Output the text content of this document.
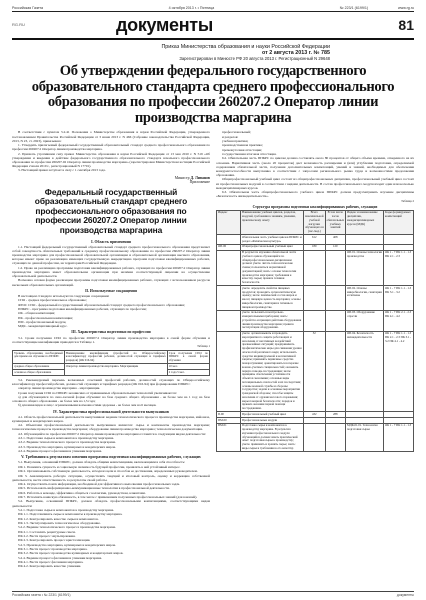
Российская Газета	4 октября 2013 г. • Пятница	№ 223/1 (6199/1)	www.rg.ru
RG.RU	документы	81
Приказ Министерства образования и науки Российской Федерации
от 2 августа 2013 г. № 785
Зарегистрирован в Минюсте РФ 20 августа 2013 г. Регистрационный N 29648
Об утверждении федерального государственного образовательного стандарта среднего профессионального образования по профессии 260207.2 Оператор линии производства маргарина

В соответствии с пунктом 5.2.41 Положения о Министерстве образования и науки Российской Федерации, утвержденного постановлением Правительства Российской Федерации от 3 июня 2013 г. N 466 (Собрание законодательства Российской Федерации, 2013, N 23, ст. 2923), приказываю:

1. Утвердить прилагаемый федеральный государственный образовательный стандарт среднего профессионального образования по профессии 260207.2 Оператор линии производства маргарина.

2. Признать утратившим силу приказ Министерства образования и науки Российской Федерации от 13 мая 2010 г. N 519 «Об утверждении и введении в действие федерального государственного образовательного стандарта начального профессионального образования по профессии 260207.02 Оператор линии производства маргарина» (зарегистрирован Министерством юстиции Российской Федерации 2 июля 2010 г., регистрационный N 17701).

3. Настоящий приказ вступает в силу с 1 сентября 2013 года.

Министр Д. Ливанов
Приложение
Федеральный государственный образовательный стандарт среднего профессионального образования по профессии 260207.2 Оператор линии производства маргарина
I. Область применения

1.1. Настоящий федеральный государственный образовательный стандарт среднего профессионального образования представляет собой совокупность обязательных требований к среднему профессиональному образованию по профессии 260207.2 Оператор линии производства маргарина для профессиональной образовательной организации и образовательной организации высшего образования, которые имеют право на реализацию имеющих государственную аккредитацию программ подготовки квалифицированных рабочих, служащих по данной профессии, на территории Российской Федерации.

1.2. Право на реализацию программы подготовки квалифицированных рабочих, служащих по профессии 260207.2 Оператор линии производства маргарина имеет образовательная организация при наличии соответствующей лицензии на осуществление образовательной деятельности.

Возможна сетевая форма реализации программы подготовки квалифицированных рабочих, служащих с использованием ресурсов нескольких образовательных организаций.

II. Используемые сокращения

В настоящем стандарте используются следующие сокращения:

СПО - среднее профессиональное образование;

ФГОС СПО - федеральный государственный образовательный стандарт среднего профессионального образования;

ППКРС - программа подготовки квалифицированных рабочих, служащих по профессии;

ОК - общая компетенция;

ПК - профессиональная компетенция;

ПМ - профессиональный модуль;

МДК - междисциплинарный курс.

III. Характеристика подготовки по профессии

3.1. Сроки получения СПО по профессии 260207.2 Оператор линии производства маргарина в очной форме обучения и соответствующие квалификации приводятся в Таблице 1.

Таблица 1
Уровень образования, необходимый для приема на обучение по ППКРС	Наименование квалификации (профессий по Общероссийскому классификатору профессий рабочих, должностей служащих и тарифных разрядов) (ОК 016-94)	Срок получения СПО по ППКРС в очной форме обучения
среднее общее образование	Оператор линии производства маргарина. Маргаринщик	10 мес.
основное общее образование		2 года 5 мес.

3.2. Рекомендуемый перечень возможных сочетаний профессий рабочих, должностей служащих по Общероссийскому классификатору профессий рабочих, должностей служащих и тарифных разрядов (ОК 016-94) при формировании ППКРС:

оператор линии производства маргарина - маргаринщик.

Сроки получения СПО по ППКРС независимо от применяемых образовательных технологий увеличиваются:

а) для обучающихся по очно-заочной форме обучения: на базе среднего общего образования - не более чем на 1 год; на базе основного общего образования - не более чем на 1,5 года;

б) для инвалидов и лиц с ограниченными возможностями здоровья - не более чем на 6 месяцев.

IV. Характеристика профессиональной деятельности выпускников

4.1. Область профессиональной деятельности выпускников: ведение технологического процесса производства маргарина, майонеза, кулинарных и кондитерских жиров.

4.2. Объектами профессиональной деятельности выпускников являются: сырье и компоненты производства маргарина; технологические процессы производства маргарина; оборудование линии производства маргарина; технологическая документация.

4.3. Обучающийся по профессии 260207.2 Оператор линии производства маргарина готовится к следующим видам деятельности:

4.3.1. Подготовка сырья и компонентов к производству маргарина.

4.3.2. Ведение технологического процесса производства маргарина.

4.3.3. Производство маргарина, кулинарных и кондитерских жиров.

4.3.4. Ведение процесса фасования и упаковки маргарина.

V. Требования к результатам освоения программы подготовки квалифицированных рабочих, служащих

5.1. Выпускник, освоивший ППКРС, должен обладать общими компетенциями, включающими в себя способность:

ОК 1. Понимать сущность и социальную значимость будущей профессии, проявлять к ней устойчивый интерес.

ОК 2. Организовывать собственную деятельность, исходя из цели и способов ее достижения, определенных руководителем.

ОК 3. Анализировать рабочую ситуацию, осуществлять текущий и итоговый контроль, оценку и коррекцию собственной деятельности, нести ответственность за результаты своей работы.

ОК 4. Осуществлять поиск информации, необходимой для эффективного выполнения профессиональных задач.

ОК 5. Использовать информационно-коммуникационные технологии в профессиональной деятельности.

ОК 6. Работать в команде, эффективно общаться с коллегами, руководством, клиентами.

ОК 7. Исполнять воинскую обязанность, в том числе с применением полученных профессиональных знаний (для юношей).

5.2. Выпускник, освоивший ППКРС, должен обладать профессиональными компетенциями, соответствующими видам деятельности:

5.2.1. Подготовка сырья и компонентов к производству маргарина.

ПК 1.1. Подготавливать сырье и компоненты к производству маргарина.

ПК 1.2. Контролировать качество сырья и компонентов.

ПК 1.3. Эксплуатировать технологическое оборудование.

5.2.2. Ведение технологического процесса производства маргарина.

ПК 2.1. Составлять рецептурные смеси.

ПК 2.2. Вести процесс эмульгирования.

ПК 2.3. Контролировать процесс кристаллизации.

5.2.3. Производство маргарина, кулинарных и кондитерских жиров.

ПК 3.1. Вести процесс производства маргарина.

ПК 3.2. Вести процесс производства кулинарных и кондитерских жиров.

5.2.4. Ведение процесса фасования и упаковки маргарина.

ПК 4.1. Вести процесс фасования маргарина.

ПК 4.2. Контролировать качество упаковки.

профессиональный;

и разделов:

учебная практика;

производственная практика;

промежуточная аттестация;

государственная итоговая аттестация.

6.2. Обязательная часть ППКРС по циклам должна составлять около 80 процентов от общего объема времени, отведенного на их освоение. Вариативная часть (около 20 процентов) дает возможность расширения и (или) углубления подготовки, определяемой содержанием обязательной части, получения дополнительных компетенций, умений и знаний, необходимых для обеспечения конкурентоспособности выпускника в соответствии с запросами регионального рынка труда и возможностями продолжения образования.

Общепрофессиональный учебный цикл состоит из общепрофессиональных дисциплин, профессиональный учебный цикл состоит из профессиональных модулей в соответствии с видами деятельности. В состав профессионального модуля входит один или несколько междисциплинарных курсов.

6.3. Обязательная часть общепрофессионального учебного цикла ППКРС должна предусматривать изучение дисциплины «Безопасность жизнедеятельности».

Таблица 2
Структура программы подготовки квалифицированных рабочих, служащих
Индекс	Наименование учебных циклов, разделов, модулей, требования к знаниям, умениям, практическому опыту	Всего максимальной учебной нагрузки обучающегося (час./нед.)	В том числе часов обязательных учебных занятий	Индекс и наименование дисциплин, междисциплинарных курсов (МДК)	Коды формируемых компетенций
	Обязательная часть учебных циклов ППКРС и раздел «Физическая культура»	612	408		
ОП.00	Общепрофессиональный учебный цикл	180	120		
	В результате изучения обязательной части учебного цикла обучающийся по общепрофессиональным дисциплинам должен: уметь: читать технологические схемы; пользоваться нормативной документацией; знать: основы технологии производства маргарина; требования к качеству сырья; правила техники безопасности.			ОП.01. Основы технологии производства	ОК 1 - 7 ПК 1.1 - 1.3 ПК 2.1 - 2.3
	уметь: определять свойства пищевых продуктов; проводить органолептическую оценку; знать: химический состав жиров и масел; пищевую ценность маргарина; основы микробиологии, санитарии и гигиены в пищевом производстве.			ОП.02. Основы микробиологии, санитарии и гигиены	ОК 1 - 7 ПК 1.1 - 1.3 ПК 3.1 - 3.2
	уметь: пользоваться контрольно-измерительными приборами; знать: устройство и принцип действия оборудования линии производства маргарина; правила эксплуатации оборудования.			ОП.03. Оборудование отрасли	ОК 1 - 7 ПК 2.1 - 2.3 ПК 4.1 - 4.2
	уметь: организовывать и проводить мероприятия по защите работающих и населения от негативных воздействий чрезвычайных ситуаций; предпринимать профилактические меры для снижения уровня опасностей различного вида; использовать средства индивидуальной и коллективной защиты; применять первичные средства пожаротушения; ориентироваться в перечне военно-учетных специальностей; оказывать первую помощь пострадавшим; знать: принципы обеспечения устойчивости объектов экономики; основные виды потенциальных опасностей и их последствия; основы военной службы и обороны государства; задачи и основные мероприятия гражданской обороны; способы защиты населения от оружия массового поражения; меры пожарной безопасности; порядок и правила оказания первой помощи пострадавшим.	32		ОП.04. Безопасность жизнедеятельности	ОК 1 - 7 ПК 1.1 - 1.3 ПК 2.1 - 2.3 ПК 3.1 - 3.2 ПК 4.1 - 4.2
П.00	Профессиональный учебный цикл	432	288		
ПМ.00	Профессиональные модули				
ПМ.01	Подготовка сырья и компонентов к производству маргарина. В результате изучения профессионального модуля обучающийся должен: иметь практический опыт: подготовки сырья к производству; уметь: принимать и хранить сырье; знать: виды сырья и требования к его качеству.			МДК.01.01. Технология подготовки сырья	ОК 1 - 7 ПК 1.1 - 1.3
Российская газета • № 223/1 (6199/1)	документы
